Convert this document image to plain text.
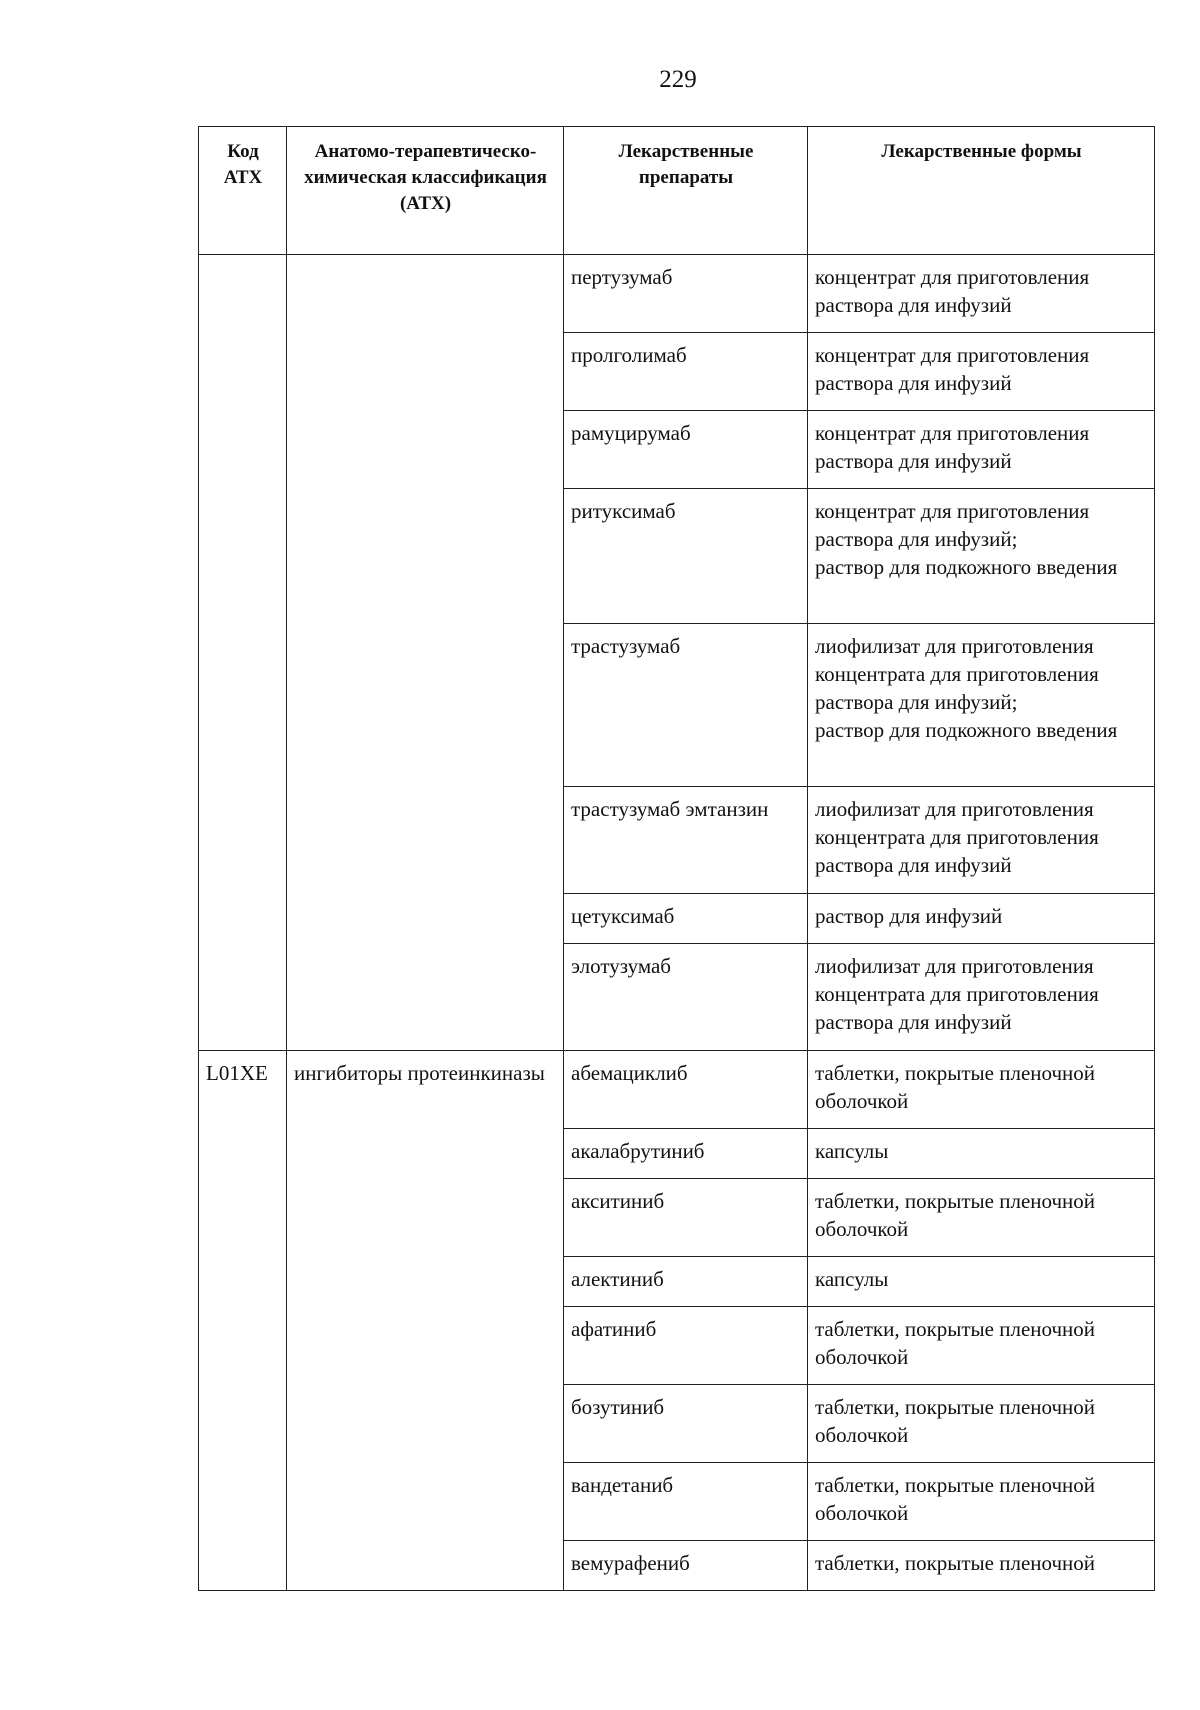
229
Код АТХ	Анатомо-терапевтическо-химическая классификация (АТХ)	Лекарственные препараты	Лекарственные формы
		пертузумаб	концентрат для приготовления раствора для инфузий
		пролголимаб	концентрат для приготовления раствора для инфузий
		рамуцирумаб	концентрат для приготовления раствора для инфузий
		ритуксимаб	концентрат для приготовления раствора для инфузий;
раствор для подкожного введения

		трастузумаб	лиофилизат для приготовления концентрата для приготовления раствора для инфузий;
раствор для подкожного введения

		трастузумаб эмтанзин	лиофилизат для приготовления концентрата для приготовления раствора для инфузий
		цетуксимаб	раствор для инфузий
		элотузумаб	лиофилизат для приготовления концентрата для приготовления раствора для инфузий
L01XE	ингибиторы протеинкиназы	абемациклиб	таблетки, покрытые пленочной оболочкой
		акалабрутиниб	капсулы
		акситиниб	таблетки, покрытые пленочной оболочкой
		алектиниб	капсулы
		афатиниб	таблетки, покрытые пленочной оболочкой
		бозутиниб	таблетки, покрытые пленочной оболочкой
		вандетаниб	таблетки, покрытые пленочной оболочкой
		вемурафениб	таблетки, покрытые пленочной
